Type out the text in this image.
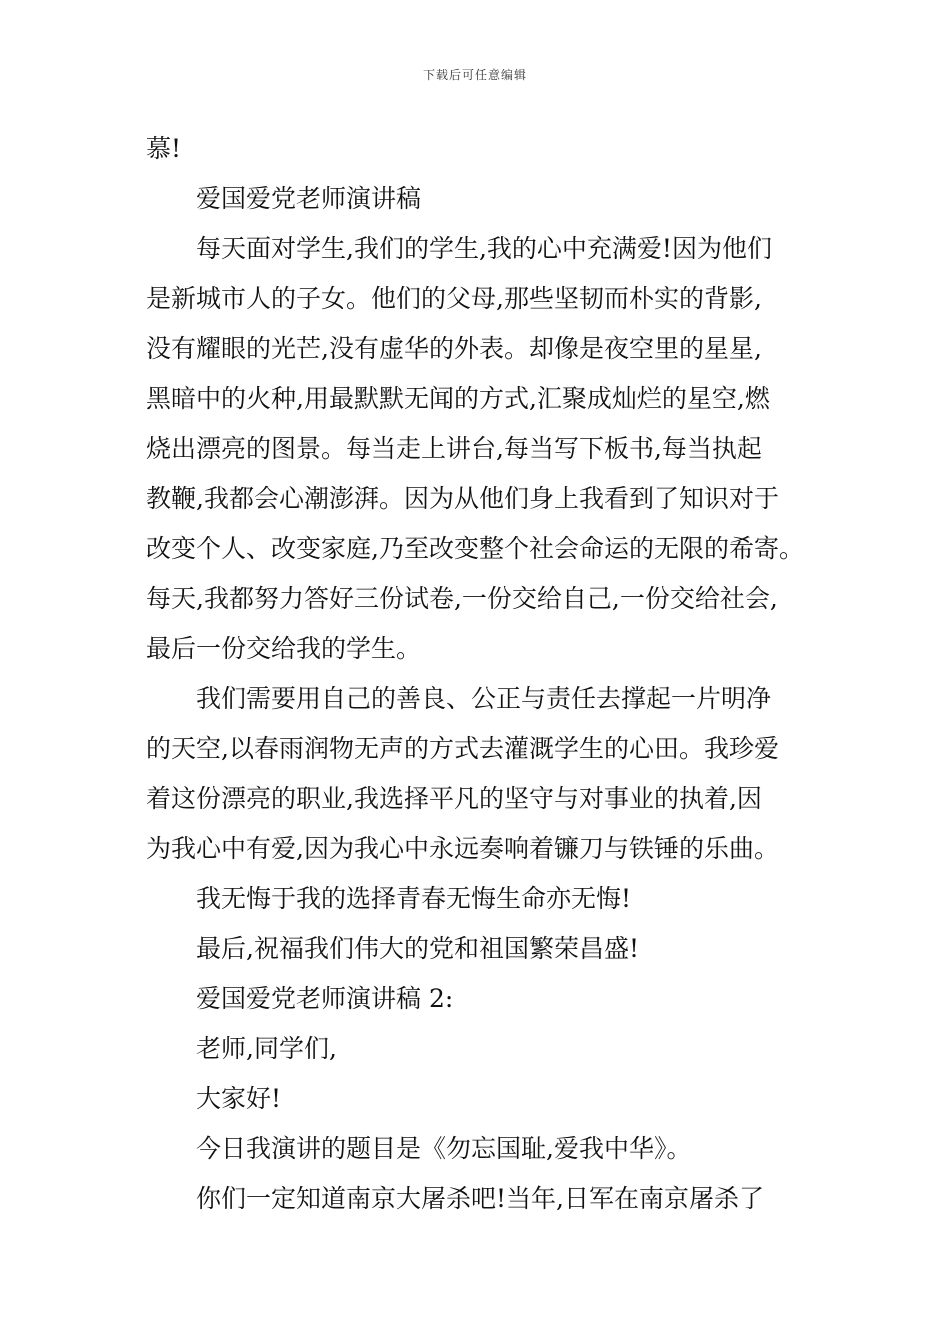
下载后可任意编辑
慕!
爱国爱党老师演讲稿
每天面对学生,我们的学生,我的心中充满爱!因为他们
是新城市人的子女。他们的父母,那些坚韧而朴实的背影,
没有耀眼的光芒,没有虚华的外表。却像是夜空里的星星,
黑暗中的火种,用最默默无闻的方式,汇聚成灿烂的星空,燃
烧出漂亮的图景。每当走上讲台,每当写下板书,每当执起
教鞭,我都会心潮澎湃。因为从他们身上我看到了知识对于
改变个人、改变家庭,乃至改变整个社会命运的无限的希寄。
每天,我都努力答好三份试卷,一份交给自己,一份交给社会,
最后一份交给我的学生。
我们需要用自己的善良、公正与责任去撑起一片明净
的天空,以春雨润物无声的方式去灌溉学生的心田。我珍爱
着这份漂亮的职业,我选择平凡的坚守与对事业的执着,因
为我心中有爱,因为我心中永远奏响着镰刀与铁锤的乐曲。
我无悔于我的选择青春无悔生命亦无悔!
最后,祝福我们伟大的党和祖国繁荣昌盛!
爱国爱党老师演讲稿 2:
老师,同学们,
大家好!
今日我演讲的题目是《勿忘国耻,爱我中华》。
你们一定知道南京大屠杀吧!当年,日军在南京屠杀了
